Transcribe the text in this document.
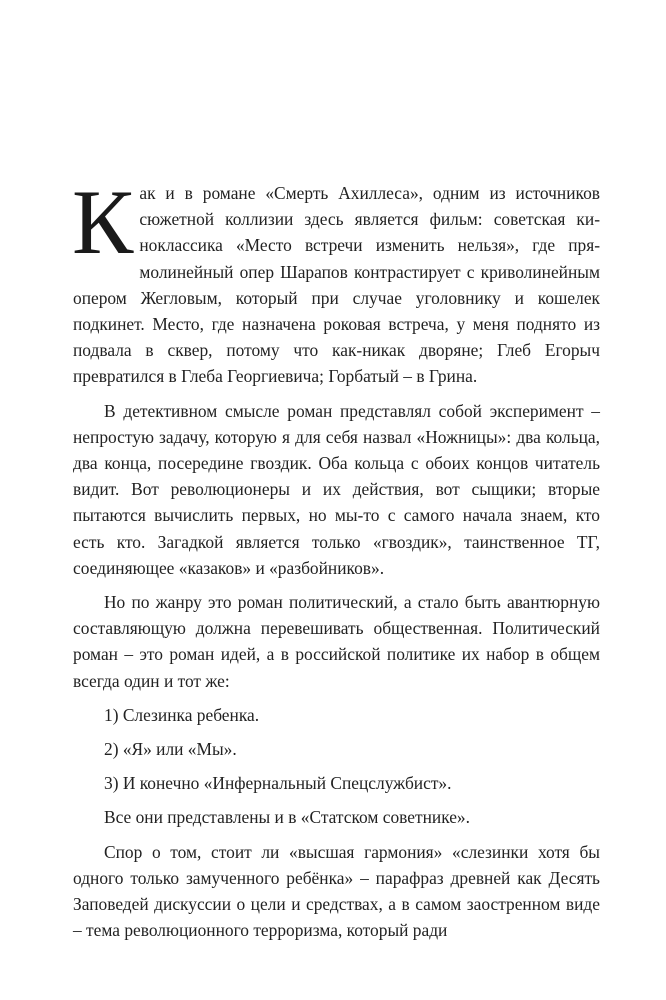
Как и в романе «Смерть Ахиллеса», одним из источников сюжетной коллизии здесь является фильм: советская киноклассика «Место встречи изменить нельзя», где прямолинейный опер Шарапов контрастирует с криволинейным опером Жегловым, который при случае уголовнику и кошелек подкинет. Место, где назначена роковая встреча, у меня поднято из подвала в сквер, потому что как-никак дворяне; Глеб Егорыч превратился в Глеба Георгиевича; Горбатый – в Грина.

В детективном смысле роман представлял собой эксперимент – непростую задачу, которую я для себя назвал «Ножницы»: два кольца, два конца, посередине гвоздик. Оба кольца с обоих концов читатель видит. Вот революционеры и их действия, вот сыщики; вторые пытаются вычислить первых, но мы-то с самого начала знаем, кто есть кто. Загадкой является только «гвоздик», таинственное ТГ, соединяющее «казаков» и «разбойников».

Но по жанру это роман политический, а стало быть авантюрную составляющую должна перевешивать общественная. Политический роман – это роман идей, а в российской политике их набор в общем всегда один и тот же:

1) Слезинка ребенка.

2) «Я» или «Мы».

3) И конечно «Инфернальный Спецслужбист».

Все они представлены и в «Статском советнике».

Спор о том, стоит ли «высшая гармония» «слезинки хотя бы одного только замученного ребёнка» – парафраз древней как Десять Заповедей дискуссии о цели и средствах, а в самом заостренном виде – тема революционного терроризма, который ради
